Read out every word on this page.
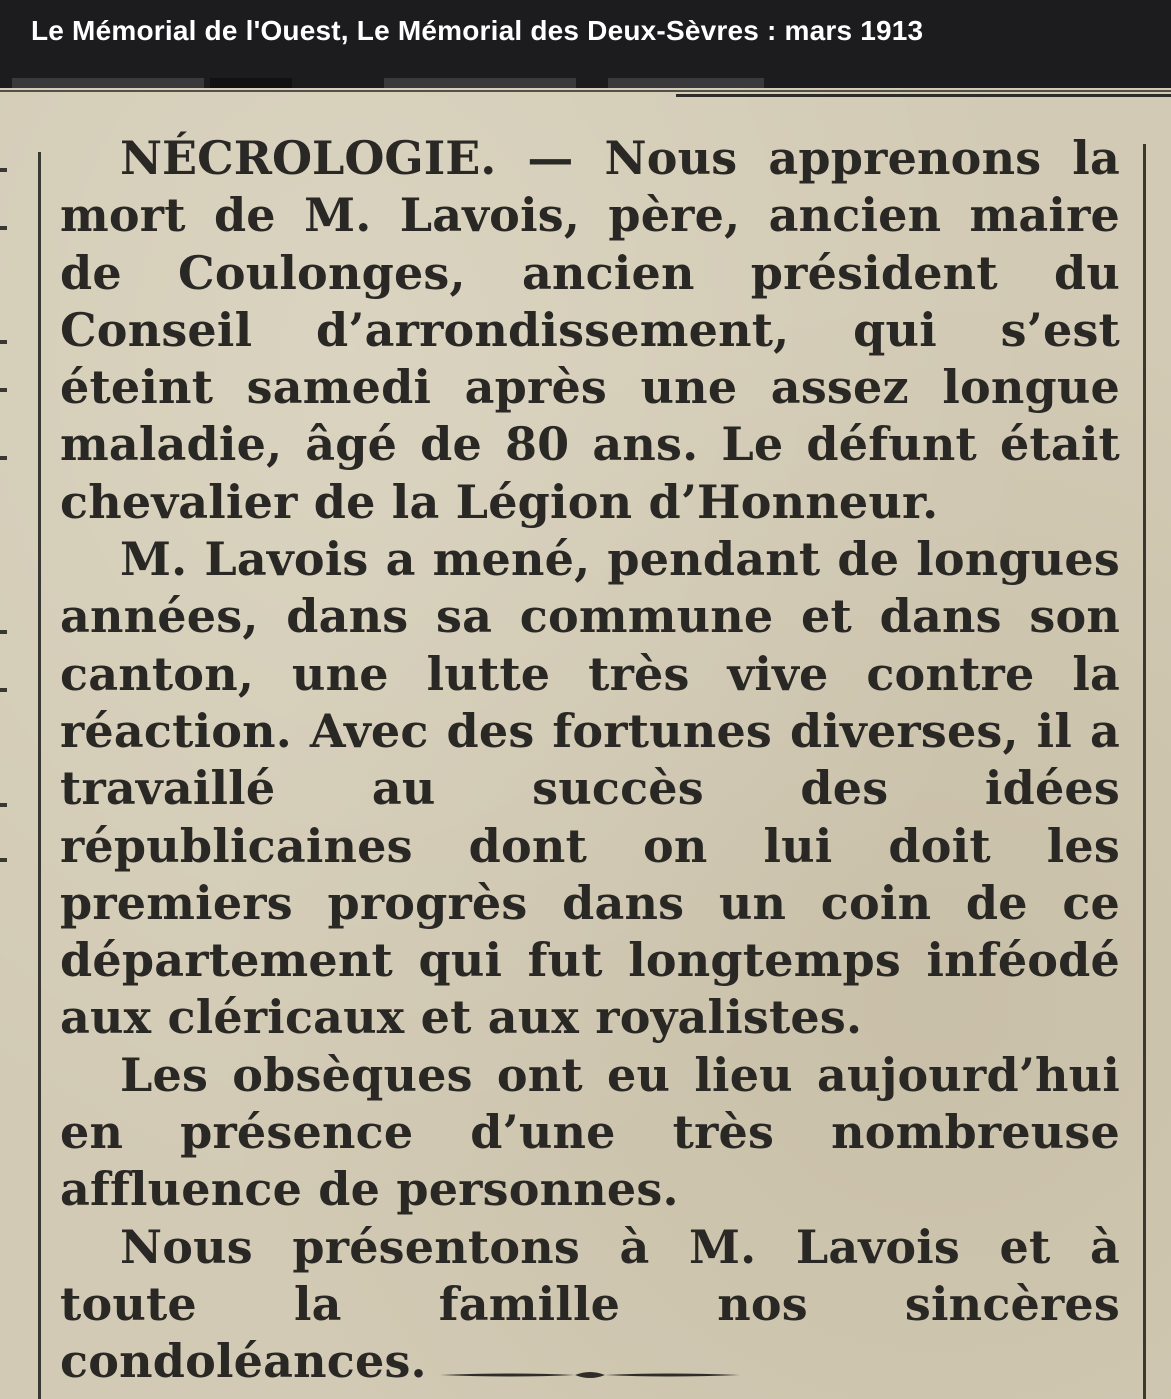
Le Mémorial de l'Ouest, Le Mémorial des Deux-Sèvres : mars 1913

NÉCROLOGIE. — Nous apprenons la mort de M. Lavois, père, ancien maire de Coulonges, ancien président du Conseil d’arrondissement, qui s’est éteint samedi après une assez longue maladie, âgé de 80 ans. Le défunt était chevalier de la Légion d’Honneur.

M. Lavois a mené, pendant de longues années, dans sa commune et dans son canton, une lutte très vive contre la réaction. Avec des fortunes diverses, il a travaillé au succès des idées républicaines dont on lui doit les premiers progrès dans un coin de ce département qui fut longtemps inféodé aux cléricaux et aux royalistes.

Les obsèques ont eu lieu aujourd’hui en présence d’une très nombreuse affluence de personnes.

Nous présentons à M. Lavois et à toute la famille nos sincères condoléances.
